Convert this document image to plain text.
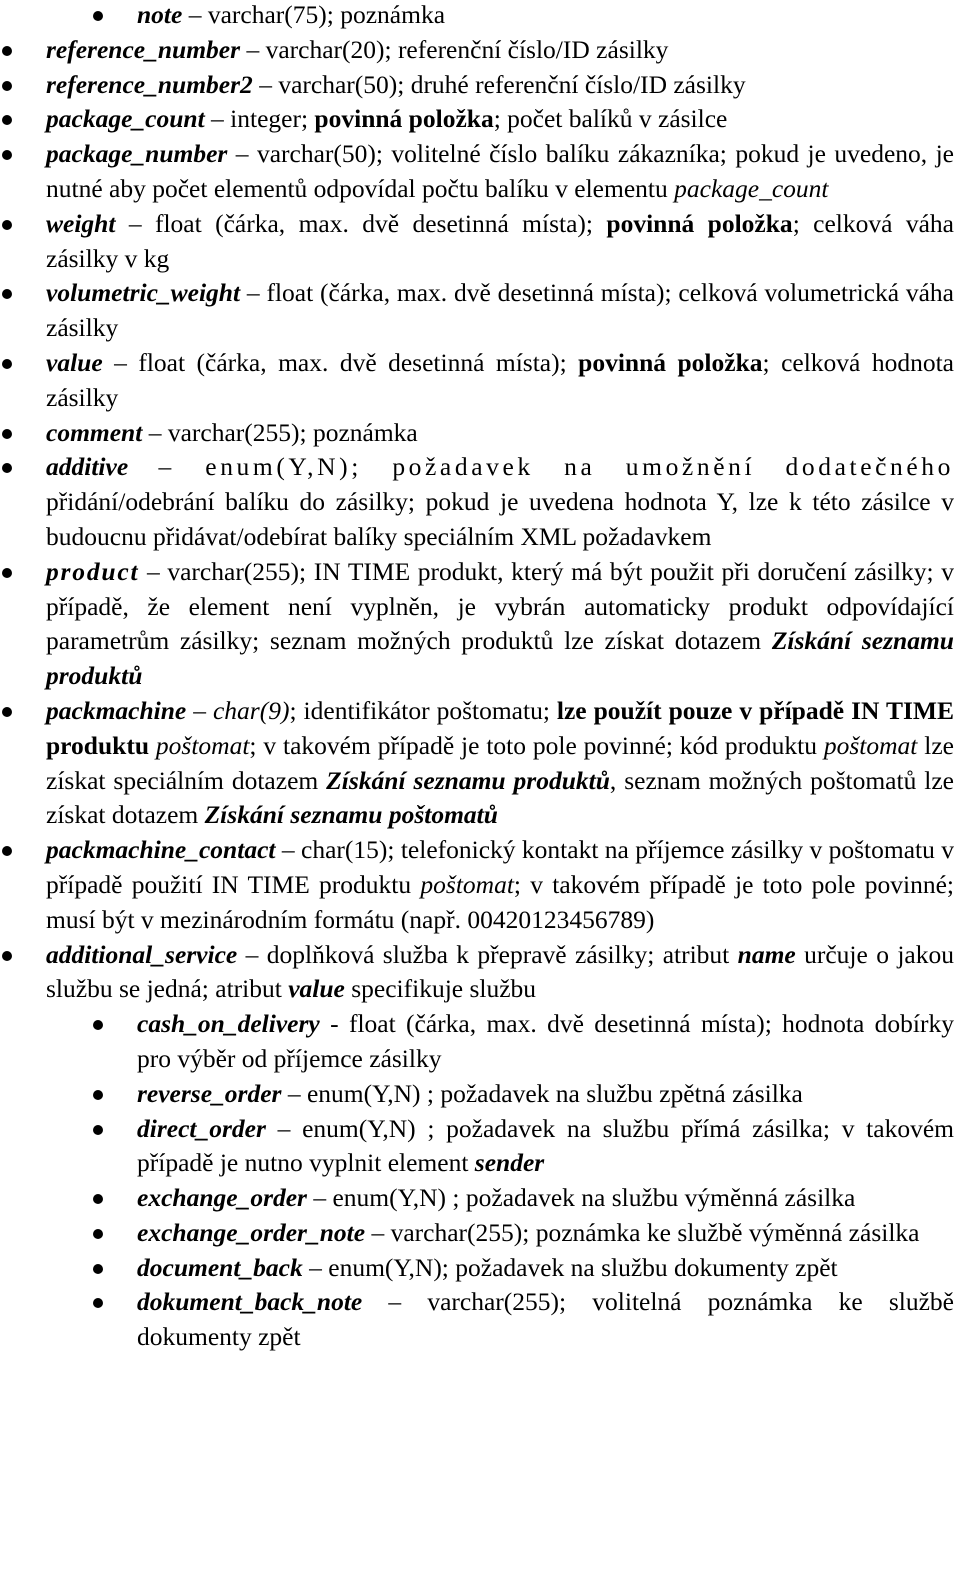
note – varchar(75); poznámka
reference_number – varchar(20); referenční číslo/ID zásilky
reference_number2 – varchar(50); druhé referenční číslo/ID zásilky
package_count – integer; povinná položka; počet balíků v zásilce
package_number – varchar(50); volitelné číslo balíku zákazníka; pokud je uvedeno, je nutné aby počet elementů odpovídal počtu balíku v elementu package_count
weight – float (čárka, max. dvě desetinná místa); povinná položka; celková váha zásilky v kg
volumetric_weight – float (čárka, max. dvě desetinná místa); celková volumetrická váha zásilky
value – float (čárka, max. dvě desetinná místa); povinná položka; celková hodnota zásilky
comment – varchar(255); poznámka
additive – enum(Y,N); požadavek na umožnění dodatečného přidání/odebrání balíku do zásilky; pokud je uvedena hodnota Y, lze k této zásilce v budoucnu přidávat/odebírat balíky speciálním XML požadavkem
product – varchar(255); IN TIME produkt, který má být použit při doručení zásilky; v případě, že element není vyplněn, je vybrán automaticky produkt odpovídající parametrům zásilky; seznam možných produktů lze získat dotazem Získání seznamu produktů
packmachine – char(9); identifikátor poštomatu; lze použít pouze v případě IN TIME produktu poštomat; v takovém případě je toto pole povinné; kód produktu poštomat lze získat speciálním dotazem Získání seznamu produktů, seznam možných poštomatů lze získat dotazem Získání seznamu poštomatů
packmachine_contact – char(15); telefonický kontakt na příjemce zásilky v poštomatu v případě použití IN TIME produktu poštomat; v takovém případě je toto pole povinné; musí být v mezinárodním formátu (např. 00420123456789)
additional_service – doplňková služba k přepravě zásilky; atribut name určuje o jakou službu se jedná; atribut value specifikuje službu
cash_on_delivery - float (čárka, max. dvě desetinná místa); hodnota dobírky pro výběr od příjemce zásilky
reverse_order – enum(Y,N) ; požadavek na službu zpětná zásilka
direct_order – enum(Y,N) ; požadavek na službu přímá zásilka; v takovém případě je nutno vyplnit element sender
exchange_order – enum(Y,N) ; požadavek na službu výměnná zásilka
exchange_order_note – varchar(255); poznámka ke službě výměnná zásilka
document_back – enum(Y,N); požadavek na službu dokumenty zpět
dokument_back_note – varchar(255); volitelná poznámka ke službě dokumenty zpět
